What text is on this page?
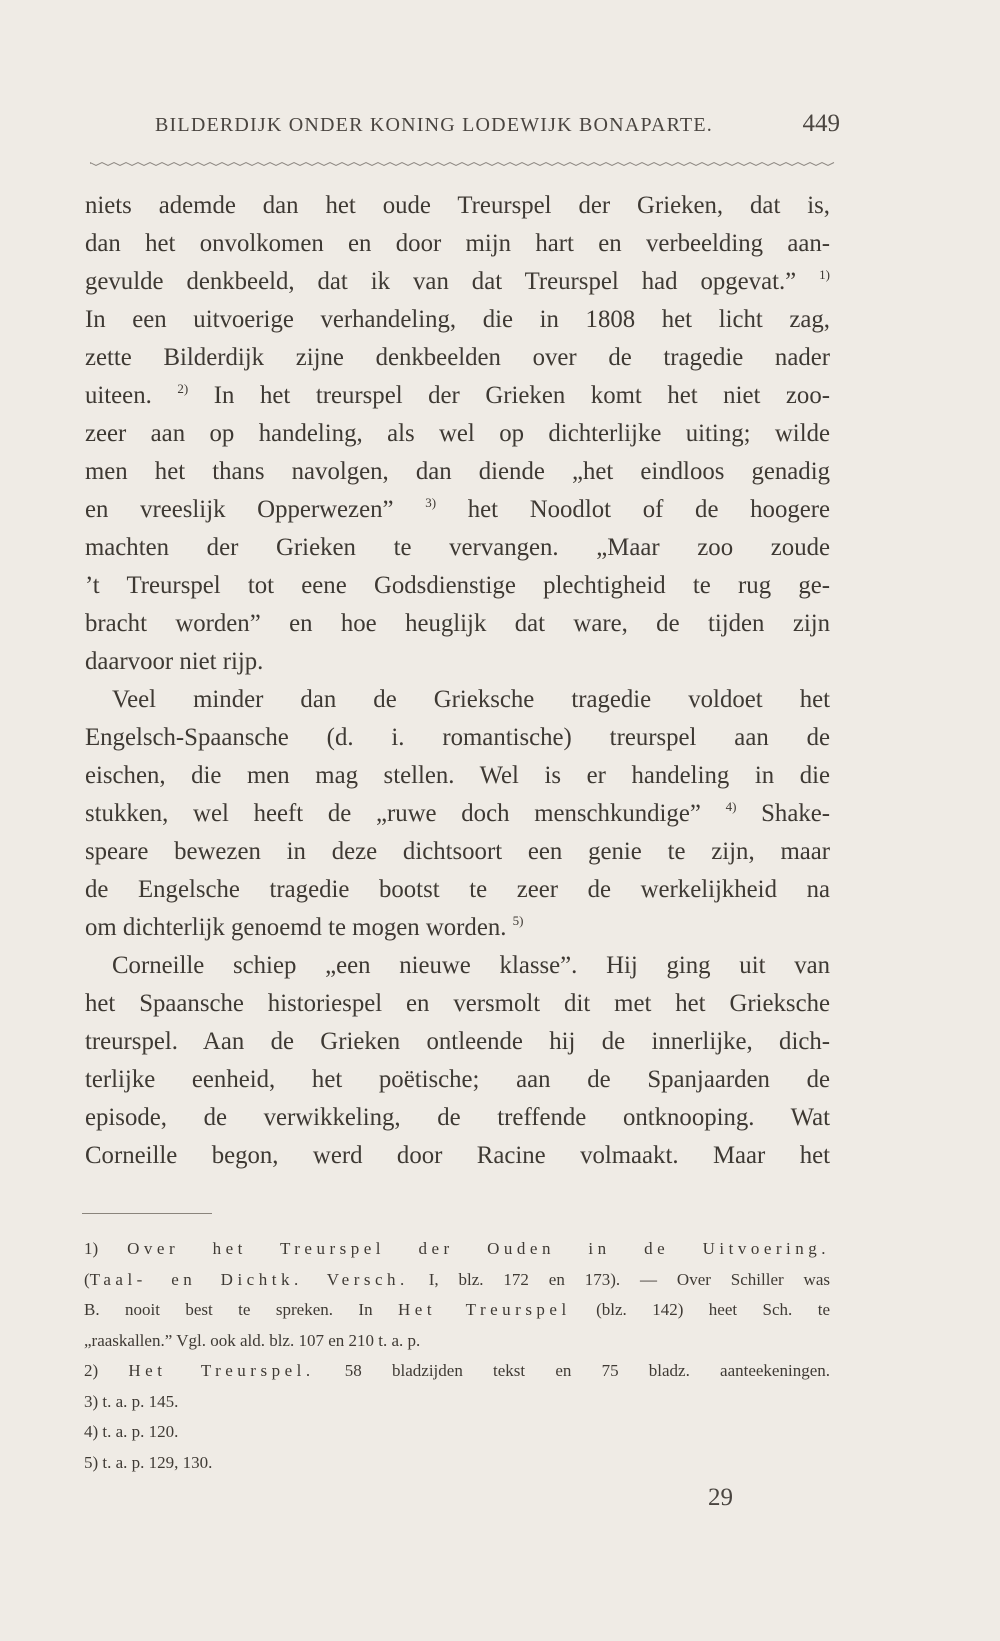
BILDERDIJK ONDER KONING LODEWIJK BONAPARTE.	449
niets ademde dan het oude Treurspel der Grieken, dat is,
dan het onvolkomen en door mijn hart en verbeelding aan-
gevulde denkbeeld, dat ik van dat Treurspel had opgevat.” $^{1)}$
In een uitvoerige verhandeling, die in 1808 het licht zag,
zette Bilderdijk zijne denkbeelden over de tragedie nader
uiteen. $^{2)}$ In het treurspel der Grieken komt het niet zoo-
zeer aan op handeling, als wel op dichterlijke uiting; wilde
men het thans navolgen, dan diende „het eindloos genadig
en vreeslijk Opperwezen” $^{3)}$ het Noodlot of de hoogere
machten der Grieken te vervangen. „Maar zoo zoude
’t Treurspel tot eene Godsdienstige plechtigheid te rug ge-
bracht worden” en hoe heuglijk dat ware, de tijden zijn
daarvoor niet rijp.
Veel minder dan de Grieksche tragedie voldoet het
Engelsch-Spaansche (d. i. romantische) treurspel aan de
eischen, die men mag stellen. Wel is er handeling in die
stukken, wel heeft de „ruwe doch menschkundige” $^{4)}$ Shake-
speare bewezen in deze dichtsoort een genie te zijn, maar
de Engelsche tragedie bootst te zeer de werkelijkheid na
om dichterlijk genoemd te mogen worden. $^{5)}$
Corneille schiep „een nieuwe klasse”. Hij ging uit van
het Spaansche historiespel en versmolt dit met het Grieksche
treurspel. Aan de Grieken ontleende hij de innerlijke, dich-
terlijke eenheid, het poëtische; aan de Spanjaarden de
episode, de verwikkeling, de treffende ontknooping. Wat
Corneille begon, werd door Racine volmaakt. Maar het
1) Over het Treurspel der Ouden in de Uitvoering.
(Taal- en Dichtk. Versch. I, blz. 172 en 173). — Over Schiller was
B. nooit best te spreken. In Het Treurspel (blz. 142) heet Sch. te
„raaskallen.” Vgl. ook ald. blz. 107 en 210 t. a. p.
2) Het Treurspel. 58 bladzijden tekst en 75 bladz. aanteekeningen.
3) t. a. p. 145.
4) t. a. p. 120.
5) t. a. p. 129, 130.
29
